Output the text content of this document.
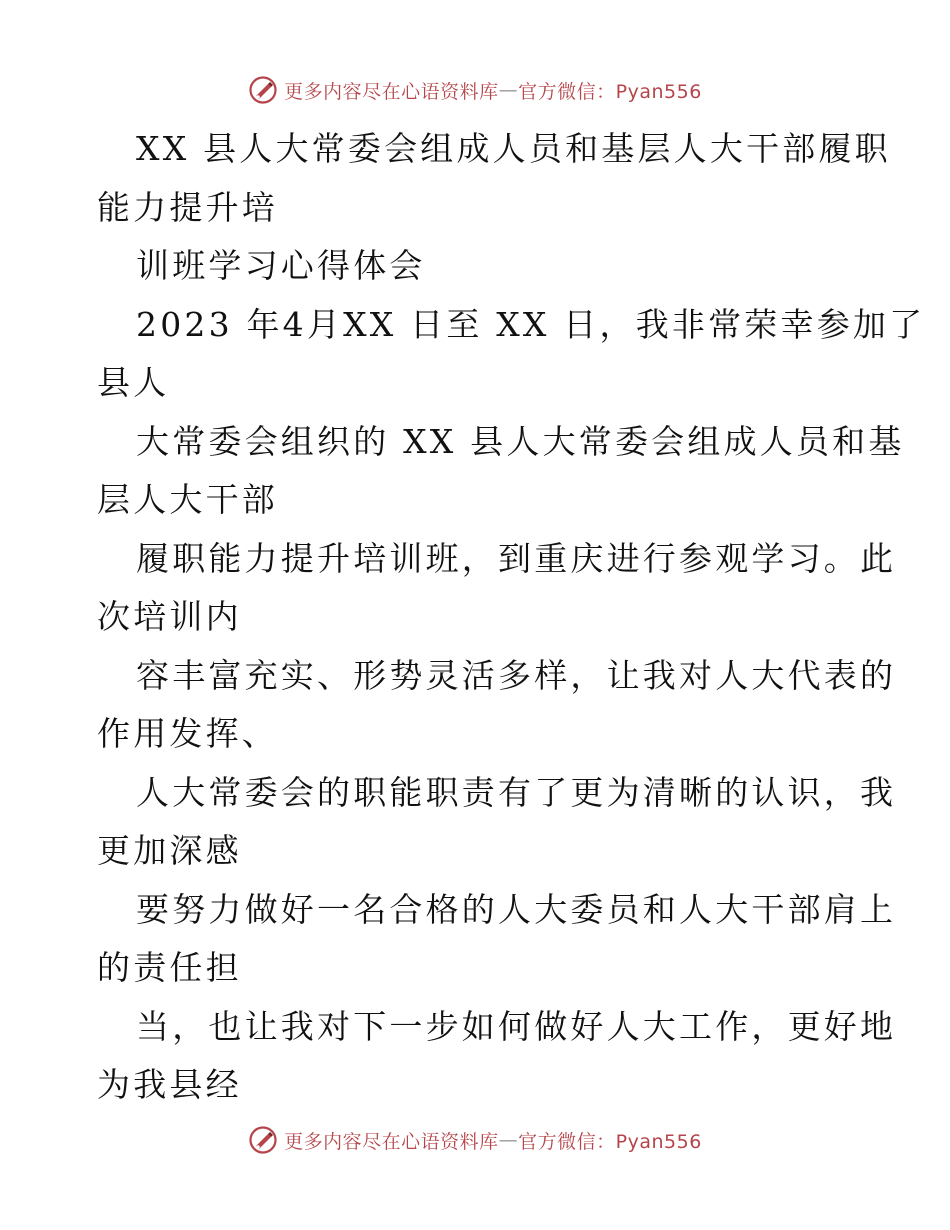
更多内容尽在心语资料库 — 官方微信：Pyan556

XX 县人大常委会组成人员和基层人大干部履职
能力提升培

训班学习心得体会

2023 年4月XX 日至 XX 日，我非常荣幸参加了
县人

大常委会组织的 XX 县人大常委会组成人员和基
层人大干部

履职能力提升培训班，到重庆进行参观学习。此
次培训内

容丰富充实、形势灵活多样，让我对人大代表的
作用发挥、

人大常委会的职能职责有了更为清晰的认识，我
更加深感

要努力做好一名合格的人大委员和人大干部肩上
的责任担

当，也让我对下一步如何做好人大工作，更好地
为我县经

更多内容尽在心语资料库 — 官方微信：Pyan556
